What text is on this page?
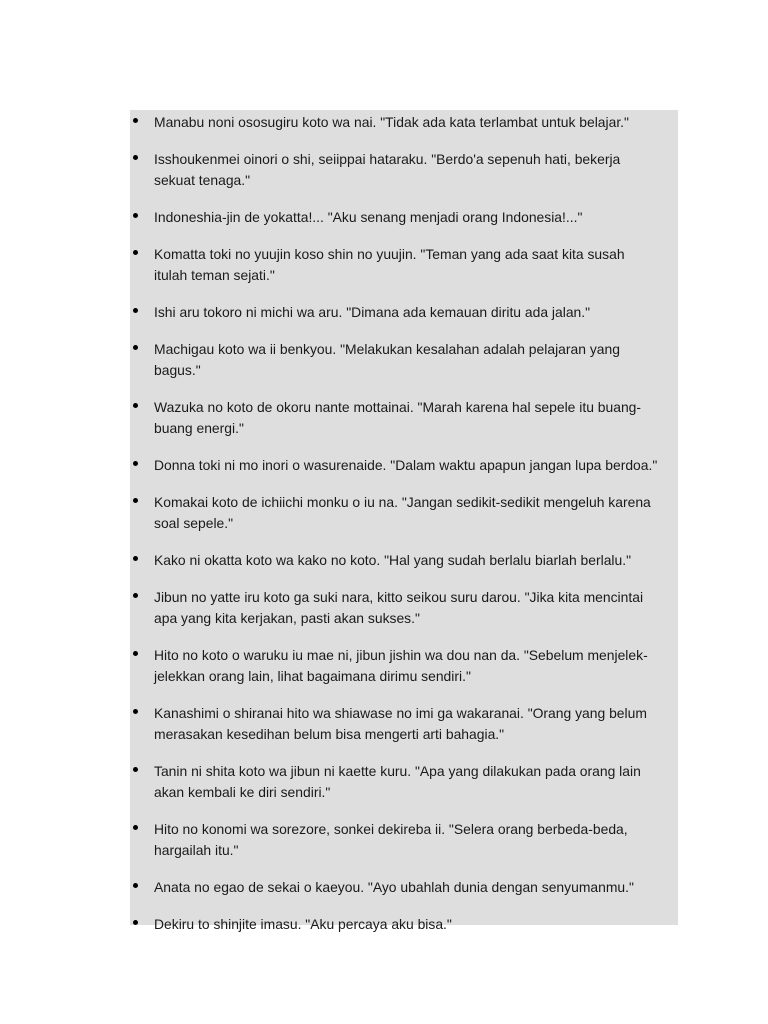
Manabu noni ososugiru koto wa nai. "Tidak ada kata terlambat untuk belajar."
Isshoukenmei oinori o shi, seiippai hataraku. "Berdo'a sepenuh hati, bekerja
sekuat tenaga."
Indoneshia-jin de yokatta!... "Aku senang menjadi orang Indonesia!..."
Komatta toki no yuujin koso shin no yuujin. "Teman yang ada saat kita susah
itulah teman sejati."
Ishi aru tokoro ni michi wa aru. "Dimana ada kemauan diritu ada jalan."
Machigau koto wa ii benkyou. "Melakukan kesalahan adalah pelajaran yang
bagus."
Wazuka no koto de okoru nante mottainai. "Marah karena hal sepele itu buang-
buang energi."
Donna toki ni mo inori o wasurenaide. "Dalam waktu apapun jangan lupa berdoa."
Komakai koto de ichiichi monku o iu na. "Jangan sedikit-sedikit mengeluh karena
soal sepele."
Kako ni okatta koto wa kako no koto. "Hal yang sudah berlalu biarlah berlalu."
Jibun no yatte iru koto ga suki nara, kitto seikou suru darou. "Jika kita mencintai
apa yang kita kerjakan, pasti akan sukses."
Hito no koto o waruku iu mae ni, jibun jishin wa dou nan da. "Sebelum menjelek-
jelekkan orang lain, lihat bagaimana dirimu sendiri."
Kanashimi o shiranai hito wa shiawase no imi ga wakaranai. "Orang yang belum
merasakan kesedihan belum bisa mengerti arti bahagia."
Tanin ni shita koto wa jibun ni kaette kuru. "Apa yang dilakukan pada orang lain
akan kembali ke diri sendiri."
Hito no konomi wa sorezore, sonkei dekireba ii. "Selera orang berbeda-beda,
hargailah itu."
Anata no egao de sekai o kaeyou. "Ayo ubahlah dunia dengan senyumanmu."
Dekiru to shinjite imasu. "Aku percaya aku bisa."
